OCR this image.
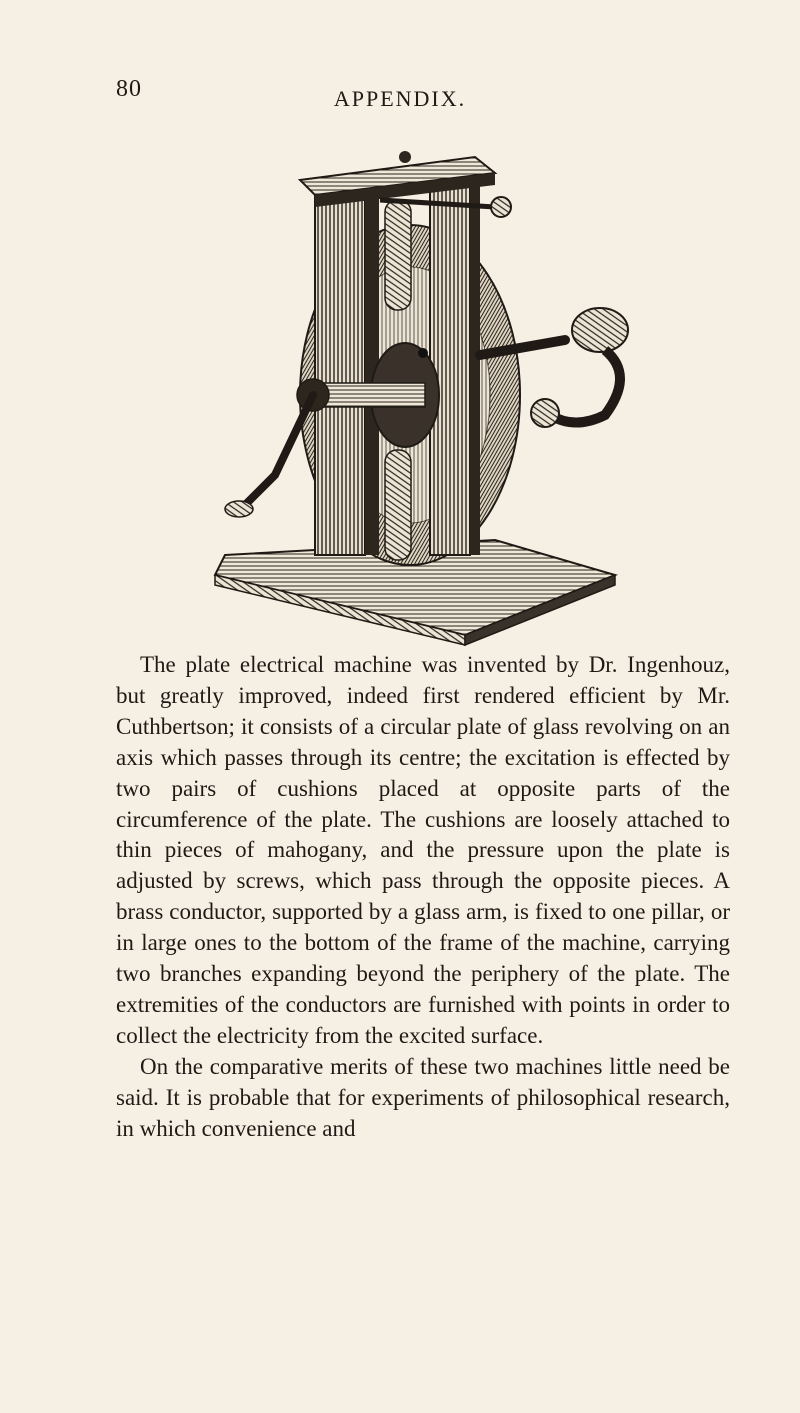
80	APPENDIX.

The plate electrical machine was invented by Dr. Ingenhouz, but greatly improved, indeed first rendered efficient by Mr. Cuthbertson; it consists of a circular plate of glass revolving on an axis which passes through its centre; the excitation is effected by two pairs of cushions placed at opposite parts of the circumference of the plate. The cushions are loosely attached to thin pieces of mahogany, and the pressure upon the plate is adjusted by screws, which pass through the opposite pieces. A brass conductor, supported by a glass arm, is fixed to one pillar, or in large ones to the bottom of the frame of the machine, carrying two branches expanding beyond the periphery of the plate. The extremities of the conductors are furnished with points in order to collect the electricity from the excited surface.

On the comparative merits of these two machines little need be said. It is probable that for experiments of philosophical research, in which convenience and
